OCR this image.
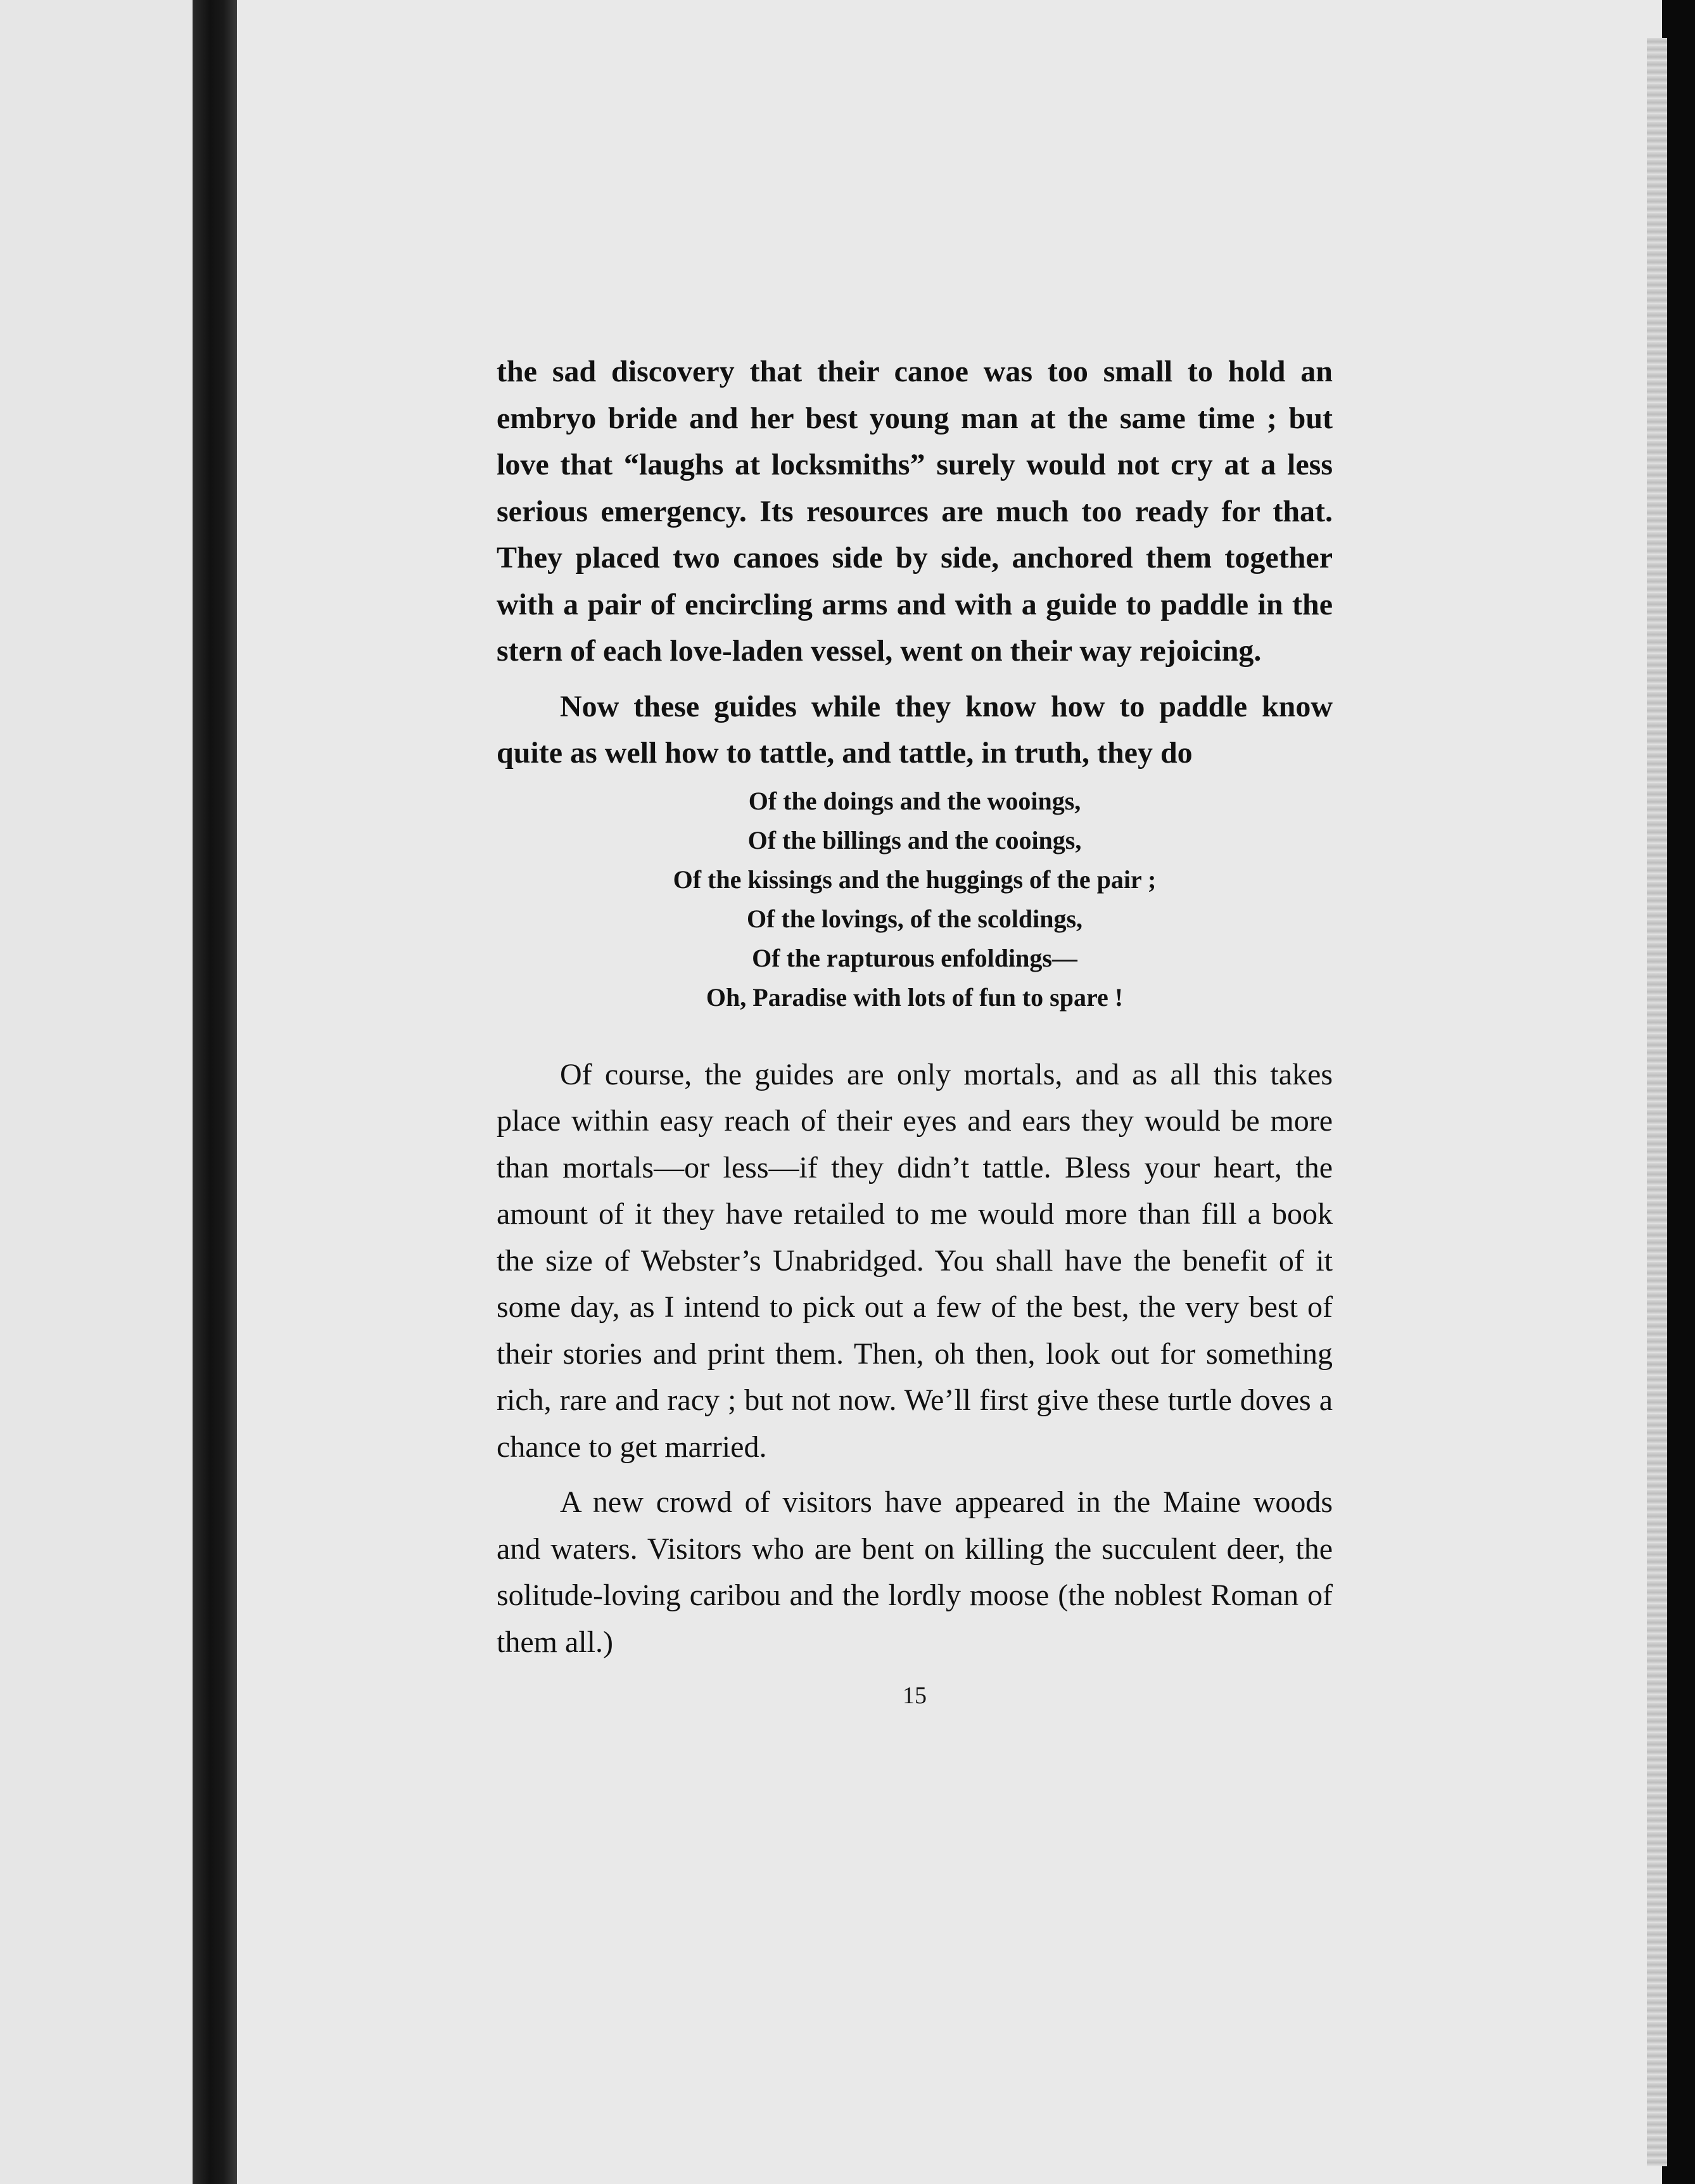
the sad discovery that their canoe was too small to hold an embryo bride and her best young man at the same time ; but love that “laughs at locksmiths” surely would not cry at a less serious emergency. Its resources are much too ready for that. They placed two canoes side by side, anchored them together with a pair of encircling arms and with a guide to paddle in the stern of each love-laden vessel, went on their way rejoicing.

Now these guides while they know how to paddle know quite as well how to tattle, and tattle, in truth, they do

Of the doings and the wooings,
Of the billings and the cooings,
Of the kissings and the huggings of the pair ;
Of the lovings, of the scoldings,
Of the rapturous enfoldings—
Oh, Paradise with lots of fun to spare !

Of course, the guides are only mortals, and as all this takes place within easy reach of their eyes and ears they would be more than mortals—or less—if they didn’t tattle. Bless your heart, the amount of it they have retailed to me would more than fill a book the size of Webster’s Unabridged. You shall have the benefit of it some day, as I intend to pick out a few of the best, the very best of their stories and print them. Then, oh then, look out for something rich, rare and racy ; but not now. We’ll first give these turtle doves a chance to get married.

A new crowd of visitors have appeared in the Maine woods and waters. Visitors who are bent on killing the succulent deer, the solitude-loving caribou and the lordly moose (the noblest Roman of them all.)

15
